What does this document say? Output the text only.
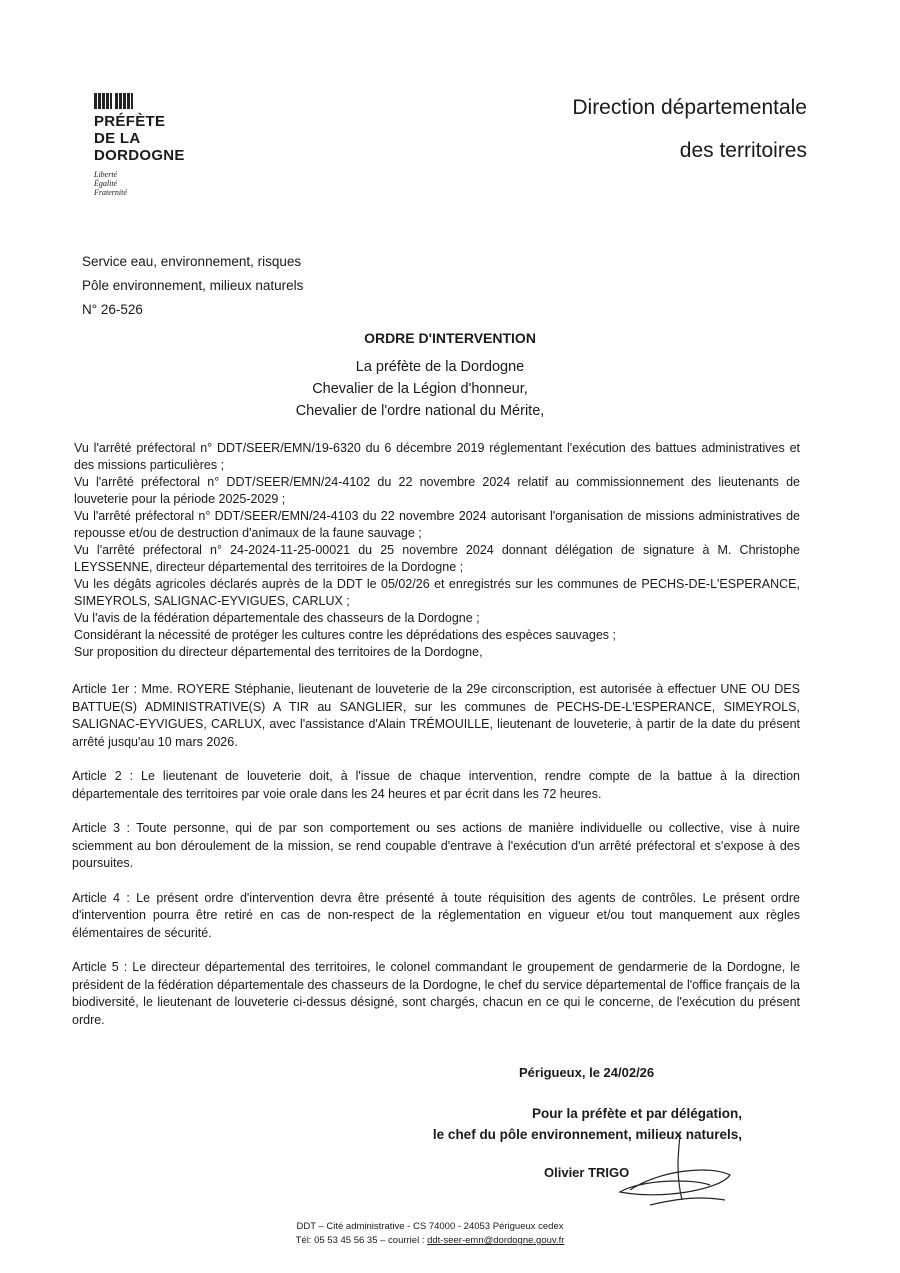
PRÉFÈTE
DE LA
DORDOGNE
Liberté
Égalité
Fraternité
Direction départementale
des territoires
Service eau, environnement, risques
Pôle environnement, milieux naturels
N° 26-526
ORDRE D'INTERVENTION
La préfète de la Dordogne
Chevalier de la Légion d'honneur,
Chevalier de l'ordre national du Mérite,

Vu l'arrêté préfectoral n° DDT/SEER/EMN/19-6320 du 6 décembre 2019 réglementant l'exécution des battues administratives et des missions particulières ;

Vu l'arrêté préfectoral n° DDT/SEER/EMN/24-4102 du 22 novembre 2024 relatif au commissionnement des lieutenants de louveterie pour la période 2025-2029 ;

Vu l'arrêté préfectoral n° DDT/SEER/EMN/24-4103 du 22 novembre 2024 autorisant l'organisation de missions administratives de repousse et/ou de destruction d'animaux de la faune sauvage ;

Vu l'arrêté préfectoral n° 24-2024-11-25-00021 du 25 novembre 2024 donnant délégation de signature à M. Christophe LEYSSENNE, directeur départemental des territoires de la Dordogne ;

Vu les dégâts agricoles déclarés auprès de la DDT le 05/02/26 et enregistrés sur les communes de PECHS-DE-L'ESPERANCE, SIMEYROLS, SALIGNAC-EYVIGUES, CARLUX ;

Vu l'avis de la fédération départementale des chasseurs de la Dordogne ;

Considérant la nécessité de protéger les cultures contre les déprédations des espèces sauvages ;

Sur proposition du directeur départemental des territoires de la Dordogne,

Article 1er : Mme. ROYERE Stéphanie, lieutenant de louveterie de la 29e circonscription, est autorisée à effectuer UNE OU DES BATTUE(S) ADMINISTRATIVE(S) A TIR au SANGLIER, sur les communes de PECHS-DE-L'ESPERANCE, SIMEYROLS, SALIGNAC-EYVIGUES, CARLUX, avec l'assistance d'Alain TRÉMOUILLE, lieutenant de louveterie, à partir de la date du présent arrêté jusqu'au 10 mars 2026.

Article 2 : Le lieutenant de louveterie doit, à l'issue de chaque intervention, rendre compte de la battue à la direction départementale des territoires par voie orale dans les 24 heures et par écrit dans les 72 heures.

Article 3 : Toute personne, qui de par son comportement ou ses actions de manière individuelle ou collective, vise à nuire sciemment au bon déroulement de la mission, se rend coupable d'entrave à l'exécution d'un arrêté préfectoral et s'expose à des poursuites.

Article 4 : Le présent ordre d'intervention devra être présenté à toute réquisition des agents de contrôles. Le présent ordre d'intervention pourra être retiré en cas de non-respect de la réglementation en vigueur et/ou tout manquement aux règles élémentaires de sécurité.

Article 5 : Le directeur départemental des territoires, le colonel commandant le groupement de gendarmerie de la Dordogne, le président de la fédération départementale des chasseurs de la Dordogne, le chef du service départemental de l'office français de la biodiversité, le lieutenant de louveterie ci-dessus désigné, sont chargés, chacun en ce qui le concerne, de l'exécution du présent ordre.

Périgueux, le 24/02/26
Pour la préfète et par délégation,
le chef du pôle environnement, milieux naturels,
Olivier TRIGO
DDT – Cité administrative - CS 74000 - 24053 Périgueux cedex
Tél: 05 53 45 56 35 – courriel : ddt-seer-emn@dordogne.gouv.fr
